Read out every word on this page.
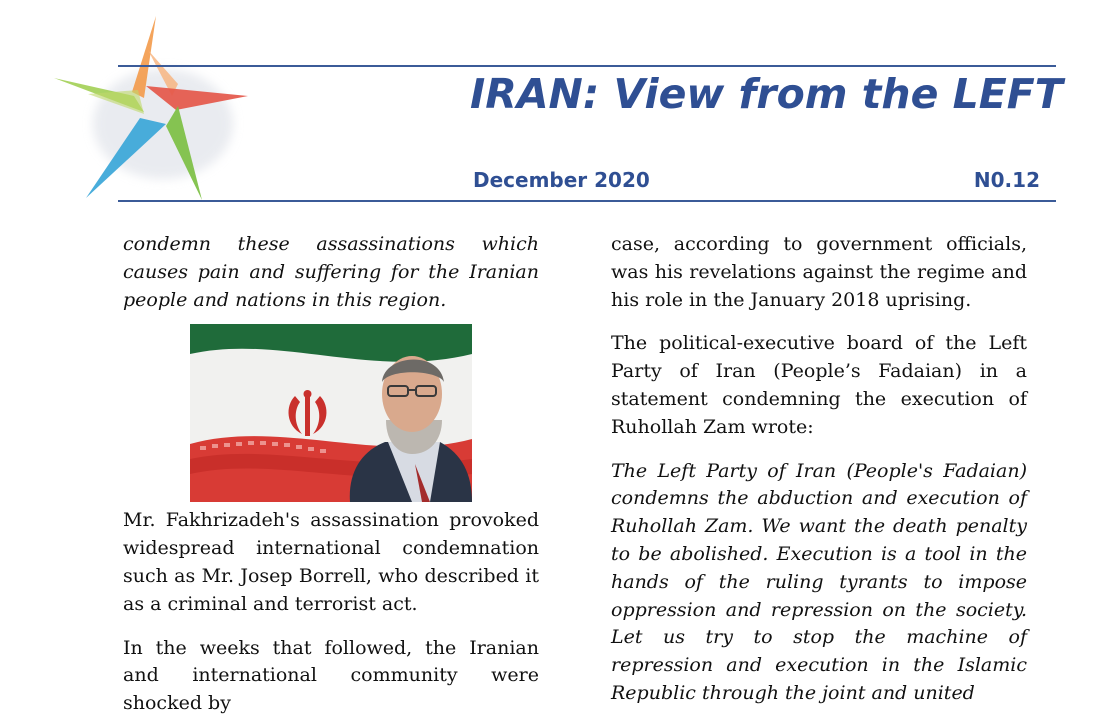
IRAN: View from the LEFT
December 2020	N0.12

condemn these assassinations which causes pain and suffering for the Iranian people and nations in this region.

Mr. Fakhrizadeh's assassination provoked widespread international condemnation such as Mr. Josep Borrell, who described it as a criminal and terrorist act.

In the weeks that followed, the Iranian and international community were shocked by

case, according to government officials, was his revelations against the regime and his role in the January 2018 uprising.

The political-executive board of the Left Party of Iran (People’s Fadaian) in a statement condemning the execution of Ruhollah Zam wrote:

The Left Party of Iran (People's Fadaian) condemns the abduction and execution of Ruhollah Zam. We want the death penalty to be abolished. Execution is a tool in the hands of the ruling tyrants to impose oppression and repression on the society. Let us try to stop the machine of repression and execution in the Islamic Republic through the joint and united
